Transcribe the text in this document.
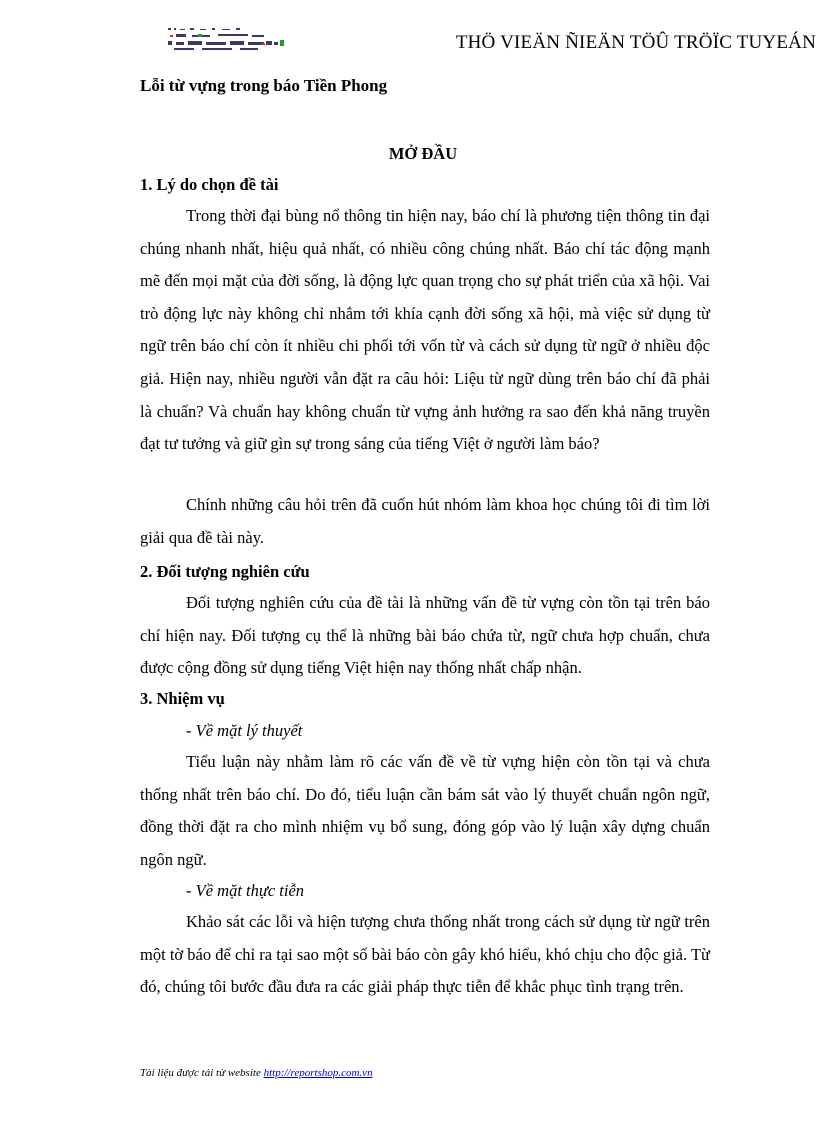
THÖ VIEÄN ÑIEÄN TÖÛ TRÖÏC TUYEÁN
Lỗi từ vựng trong báo Tiền Phong
MỞ ĐẦU
1. Lý do chọn đề tài

Trong thời đại bùng nổ thông tin hiện nay, báo chí là phương tiện thông tin đại chúng nhanh nhất, hiệu quả nhất, có nhiều công chúng nhất. Báo chí tác động mạnh mẽ đến mọi mặt của đời sống, là động lực quan trọng cho sự phát triển của xã hội. Vai trò động lực này không chỉ nhắm tới khía cạnh đời sống xã hội, mà việc sử dụng từ ngữ trên báo chí còn ít nhiều chi phối tới vốn từ và cách sử dụng từ ngữ ở nhiều độc giả. Hiện nay, nhiều người vẫn đặt ra câu hỏi: Liệu từ ngữ dùng trên báo chí đã phải là chuẩn? Và chuẩn hay không chuẩn từ vựng ảnh hưởng ra sao đến khả năng truyền đạt tư tưởng và giữ gìn sự trong sáng của tiếng Việt ở người làm báo?

Chính những câu hỏi trên đã cuốn hút nhóm làm khoa học chúng tôi đi tìm lời giải qua đề tài này.

2. Đối tượng nghiên cứu

Đối tượng nghiên cứu của đề tài là những vấn đề từ vựng còn tồn tại trên báo chí hiện nay. Đối tượng cụ thể là những bài báo chứa từ, ngữ chưa hợp chuẩn, chưa được cộng đồng sử dụng tiếng Việt hiện nay thống nhất chấp nhận.

3. Nhiệm vụ
- Về mặt lý thuyết

Tiểu luận này nhằm làm rõ các vấn đề về từ vựng hiện còn tồn tại và chưa thống nhất trên báo chí. Do đó, tiểu luận cần bám sát vào lý thuyết chuẩn ngôn ngữ, đồng thời đặt ra cho mình nhiệm vụ bổ sung, đóng góp vào lý luận xây dựng chuẩn ngôn ngữ.

- Về mặt thực tiễn

Khảo sát các lỗi và hiện tượng chưa thống nhất trong cách sử dụng từ ngữ trên một tờ báo để chỉ ra tại sao một số bài báo còn gây khó hiểu, khó chịu cho độc giả. Từ đó, chúng tôi bước đầu đưa ra các giải pháp thực tiễn để khắc phục tình trạng trên.

Tài liệu được tải từ website http://reportshop.com.vn
